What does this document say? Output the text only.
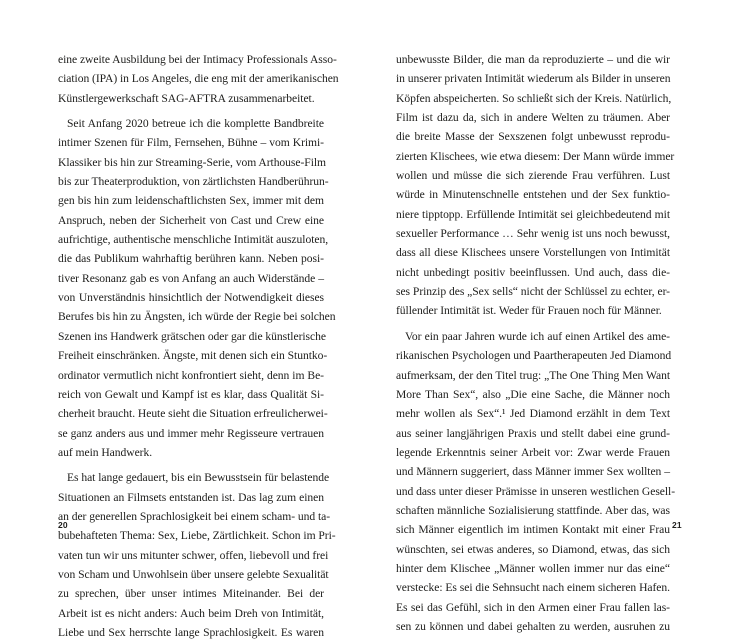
eine zweite Ausbildung bei der Intimacy Professionals Asso-
ciation (IPA) in Los Angeles, die eng mit der amerikanischen
Künstlergewerkschaft SAG-AFTRA zusammenarbeitet.
Seit Anfang 2020 betreue ich die komplette Bandbreite
intimer Szenen für Film, Fernsehen, Bühne – vom Krimi-
Klassiker bis hin zur Streaming-Serie, vom Arthouse-Film
bis zur Theaterproduktion, von zärtlichsten Handberührun-
gen bis hin zum leidenschaftlichsten Sex, immer mit dem
Anspruch, neben der Sicherheit von Cast und Crew eine
aufrichtige, authentische menschliche Intimität auszuloten,
die das Publikum wahrhaftig berühren kann. Neben posi-
tiver Resonanz gab es von Anfang an auch Widerstände –
von Unverständnis hinsichtlich der Notwendigkeit dieses
Berufes bis hin zu Ängsten, ich würde der Regie bei solchen
Szenen ins Handwerk grätschen oder gar die künstlerische
Freiheit einschränken. Ängste, mit denen sich ein Stuntko-
ordinator vermutlich nicht konfrontiert sieht, denn im Be-
reich von Gewalt und Kampf ist es klar, dass Qualität Si-
cherheit braucht. Heute sieht die Situation erfreulicherwei-
se ganz anders aus und immer mehr Regisseure vertrauen
auf mein Handwerk.
Es hat lange gedauert, bis ein Bewusstsein für belastende
Situationen an Filmsets entstanden ist. Das lag zum einen
an der generellen Sprachlosigkeit bei einem scham- und ta-
bubehafteten Thema: Sex, Liebe, Zärtlichkeit. Schon im Pri-
vaten tun wir uns mitunter schwer, offen, liebevoll und frei
von Scham und Unwohlsein über unsere gelebte Sexualität
zu sprechen, über unser intimes Miteinander. Bei der
Arbeit ist es nicht anders: Auch beim Dreh von Intimität,
Liebe und Sex herrschte lange Sprachlosigkeit. Es waren
20
unbewusste Bilder, die man da reproduzierte – und die wir
in unserer privaten Intimität wiederum als Bilder in unseren
Köpfen abspeicherten. So schließt sich der Kreis. Natürlich,
Film ist dazu da, sich in andere Welten zu träumen. Aber
die breite Masse der Sexszenen folgt unbewusst reprodu-
zierten Klischees, wie etwa diesem: Der Mann würde immer
wollen und müsse die sich zierende Frau verführen. Lust
würde in Minutenschnelle entstehen und der Sex funktio-
niere tipptopp. Erfüllende Intimität sei gleichbedeutend mit
sexueller Performance … Sehr wenig ist uns noch bewusst,
dass all diese Klischees unsere Vorstellungen von Intimität
nicht unbedingt positiv beeinflussen. Und auch, dass die-
ses Prinzip des „Sex sells“ nicht der Schlüssel zu echter, er-
füllender Intimität ist. Weder für Frauen noch für Männer.
Vor ein paar Jahren wurde ich auf einen Artikel des ame-
rikanischen Psychologen und Paartherapeuten Jed Diamond
aufmerksam, der den Titel trug: „The One Thing Men Want
More Than Sex“, also „Die eine Sache, die Männer noch
mehr wollen als Sex“.¹ Jed Diamond erzählt in dem Text
aus seiner langjährigen Praxis und stellt dabei eine grund-
legende Erkenntnis seiner Arbeit vor: Zwar werde Frauen
und Männern suggeriert, dass Männer immer Sex wollten –
und dass unter dieser Prämisse in unseren westlichen Gesell-
schaften männliche Sozialisierung stattfinde. Aber das, was
sich Männer eigentlich im intimen Kontakt mit einer Frau
wünschten, sei etwas anderes, so Diamond, etwas, das sich
hinter dem Klischee „Männer wollen immer nur das eine“
verstecke: Es sei die Sehnsucht nach einem sicheren Hafen.
Es sei das Gefühl, sich in den Armen einer Frau fallen las-
sen zu können und dabei gehalten zu werden, ausruhen zu
21
